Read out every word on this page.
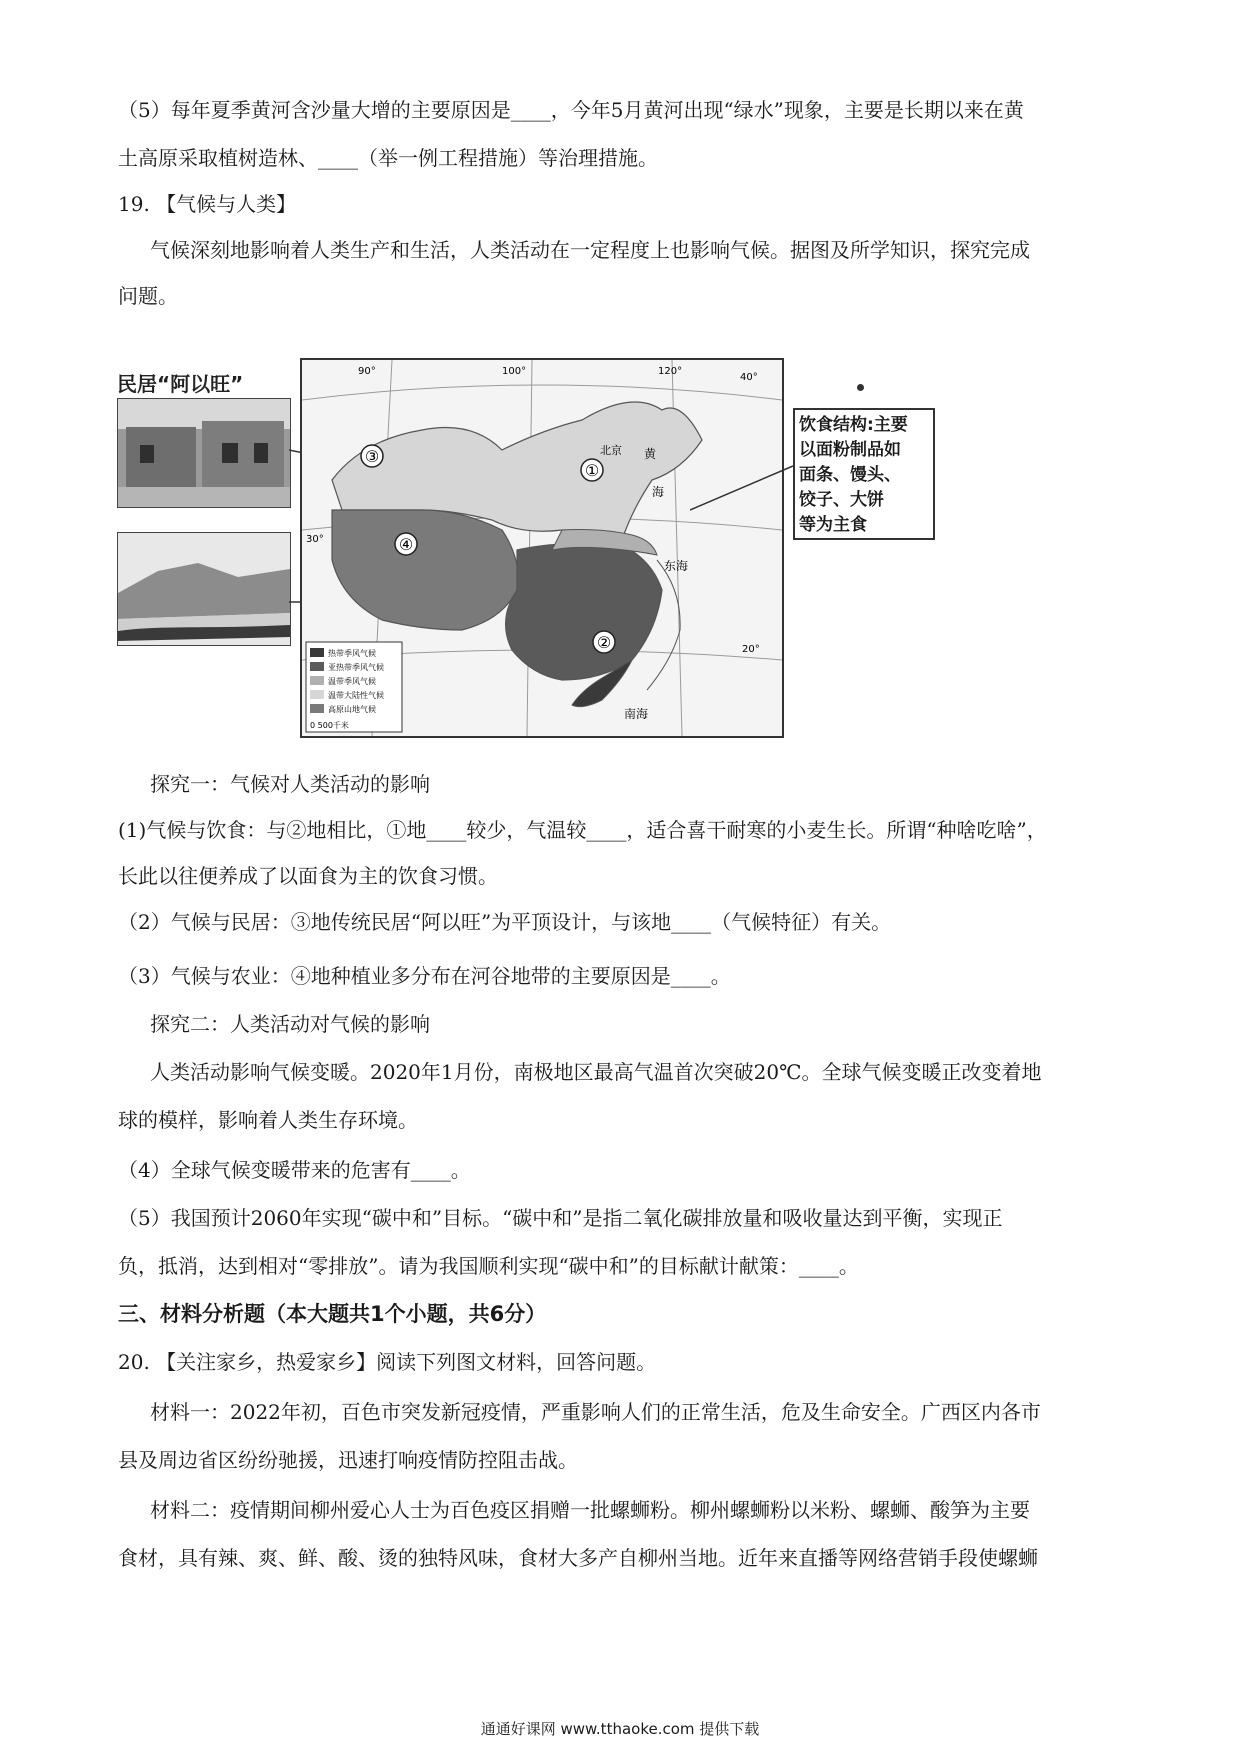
（5）每年夏季黄河含沙量大增的主要原因是____，今年5月黄河出现“绿水”现象，主要是长期以来在黄
土高原采取植树造林、____（举一例工程措施）等治理措施。
19. 【气候与人类】
气候深刻地影响着人类生产和生活，人类活动在一定程度上也影响气候。据图及所学知识，探究完成
问题。
民居“阿以旺”
③
①
④
②
北京 黄
海
东海
南海
40°
30°
20°
100°	120°
90°
热带季风气候
亚热带季风气候
温带季风气候
温带大陆性气候
高原山地气候
0 500千米
饮食结构:主要
以面粉制品如
面条、馒头、
饺子、大饼
等为主食
探究一：气候对人类活动的影响
(1)气候与饮食：与②地相比，①地____较少，气温较____，适合喜干耐寒的小麦生长。所谓“种啥吃啥”，
长此以往便养成了以面食为主的饮食习惯。
（2）气候与民居：③地传统民居“阿以旺”为平顶设计，与该地____（气候特征）有关。
（3）气候与农业：④地种植业多分布在河谷地带的主要原因是____。
探究二：人类活动对气候的影响
人类活动影响气候变暖。2020年1月份，南极地区最高气温首次突破20℃。全球气候变暖正改变着地
球的模样，影响着人类生存环境。
（4）全球气候变暖带来的危害有____。
（5）我国预计2060年实现“碳中和”目标。“碳中和”是指二氧化碳排放量和吸收量达到平衡，实现正
负，抵消，达到相对“零排放”。请为我国顺利实现“碳中和”的目标献计献策：____。
三、材料分析题（本大题共1个小题，共6分）
20. 【关注家乡，热爱家乡】阅读下列图文材料，回答问题。
材料一：2022年初，百色市突发新冠疫情，严重影响人们的正常生活，危及生命安全。广西区内各市
县及周边省区纷纷驰援，迅速打响疫情防控阻击战。
材料二：疫情期间柳州爱心人士为百色疫区捐赠一批螺蛳粉。柳州螺蛳粉以米粉、螺蛳、酸笋为主要
食材，具有辣、爽、鲜、酸、烫的独特风味，食材大多产自柳州当地。近年来直播等网络营销手段使螺蛳
通通好课网 www.tthaoke.com 提供下载
